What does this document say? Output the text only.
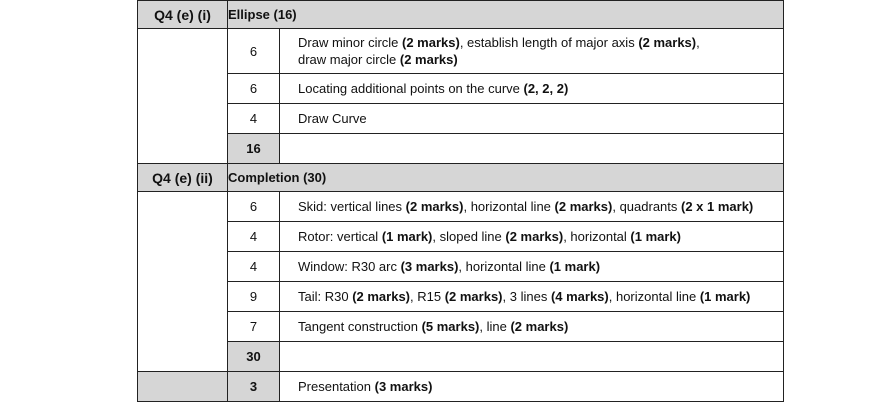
Q4 (e) (i)	Ellipse (16)	
	6	Draw minor circle (2 marks), establish length of major axis (2 marks),
draw major circle (2 marks)
	6	Locating additional points on the curve (2, 2, 2)
	4	Draw Curve
	16	
Q4 (e) (ii)	Completion (30)	
	6	Skid: vertical lines (2 marks), horizontal line (2 marks), quadrants (2 x 1 mark)
	4	Rotor: vertical (1 mark), sloped line (2 marks), horizontal (1 mark)
	4	Window: R30 arc (3 marks), horizontal line (1 mark)
	9	Tail: R30 (2 marks), R15 (2 marks), 3 lines (4 marks), horizontal line (1 mark)
	7	Tangent construction (5 marks), line (2 marks)
	30	
	3	Presentation (3 marks)
